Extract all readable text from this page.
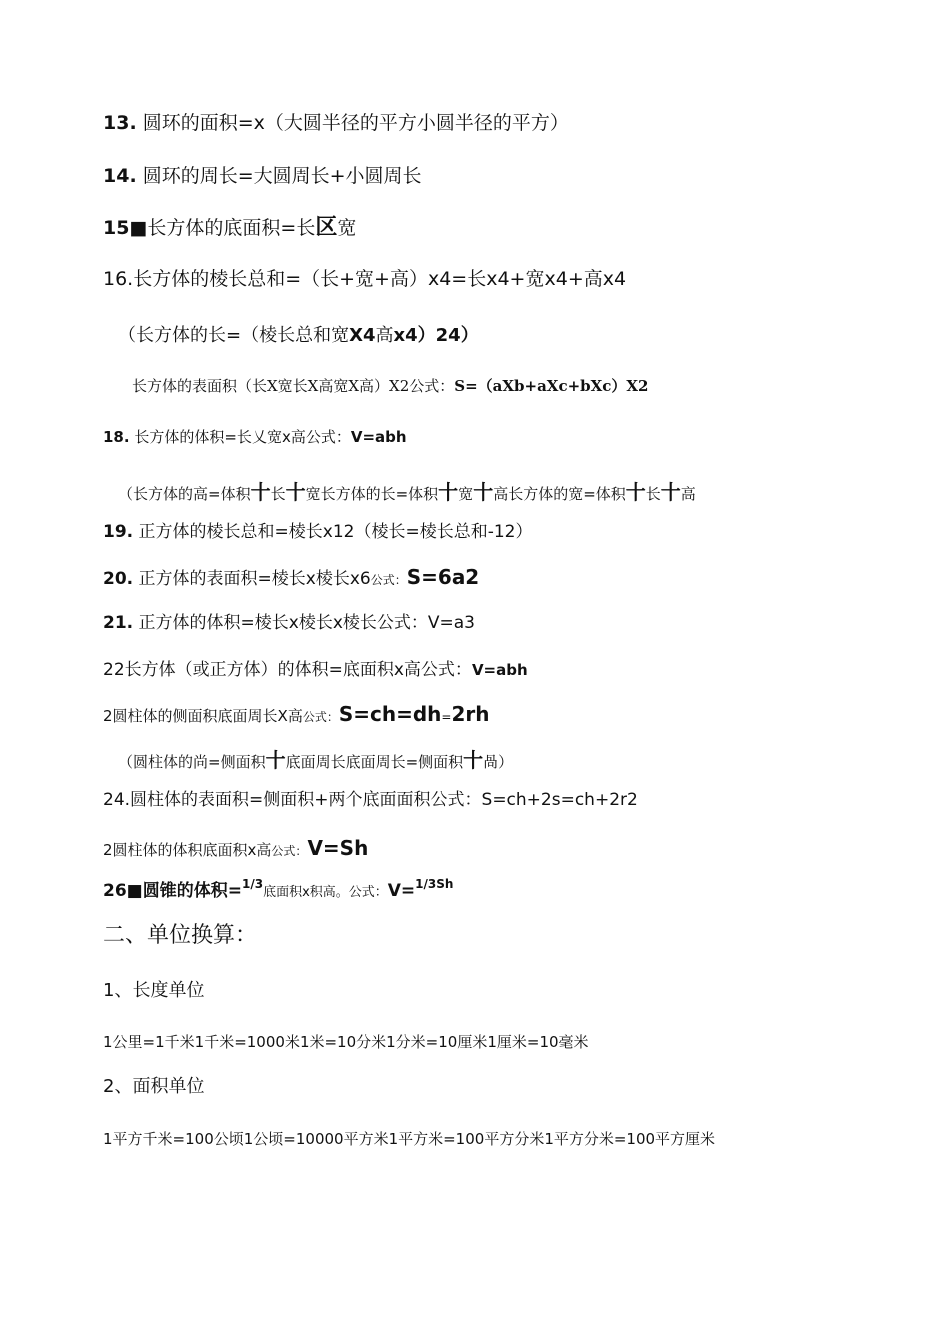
13. 圆环的面积=x（大圆半径的平方小圆半径的平方）
14. 圆环的周长=大圆周长+小圆周长
15■长方体的底面积=长区宽
16.长方体的棱长总和=（长+宽+高）x4=长x4+宽x4+高x4
（长方体的长=（棱长总和宽X4高x4）24）
长方体的表面积（长X宽长X高宽X高）X2公式：S=（aXb+aXc+bXc）X2
18. 长方体的体积=长乂宽x高公式：V=abh
（长方体的高=体积十长十宽长方体的长=体积十宽十高长方体的宽=体积十长十高
19. 正方体的棱长总和=棱长x12（棱长=棱长总和-12）
20. 正方体的表面积=棱长x棱长x6公式：S=6a2
21. 正方体的体积=棱长x棱长x棱长公式：V=a3
22长方体（或正方体）的体积=底面积x高公式：V=abh
2圆柱体的侧面积底面周长X高公式：S=ch=dh=2rh
（圆柱体的尚=侧面积十底面周长底面周长=侧面积十咼）
24.圆柱体的表面积=侧面积+两个底面面积公式：S=ch+2s=ch+2r2
2圆柱体的体积底面积x高公式：V=Sh
26■圆锥的体积=$^{1/3}$底面积x积高。公式：V=$^{1/3Sh}$
二、单位换算：
1、长度单位
1公里=1千米1千米=1000米1米=10分米1分米=10厘米1厘米=10毫米
2、面积单位
1平方千米=100公顷1公顷=10000平方米1平方米=100平方分米1平方分米=100平方厘米
